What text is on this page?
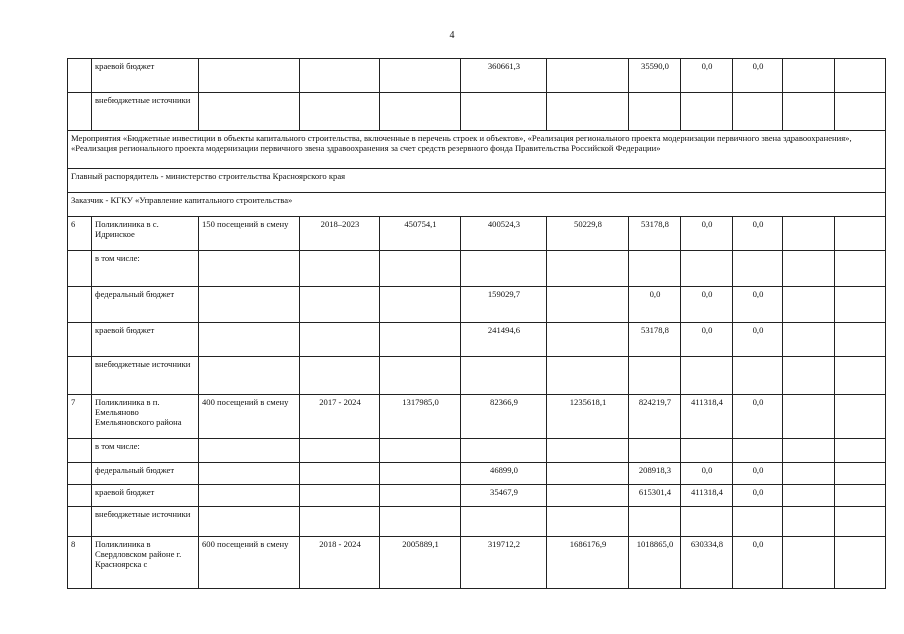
4
	краевой бюджет				360661,3		35590,0	0,0	0,0		
	внебюджетные источники										
Мероприятия «Бюджетные инвестиции в объекты капитального строительства, включенные в перечень строек и объектов», «Реализация регионального проекта модернизации первичного звена здравоохранения», «Реализация регионального проекта модернизации первичного звена здравоохранения за счет средств резервного фонда Правительства Российской Федерации»											
Главный распорядитель - министерство строительства Красноярского края											
Заказчик - КГКУ «Управление капитального строительства»											
6	Поликлиника в с. Идринское	150 посещений в смену	2018–2023	450754,1	400524,3	50229,8	53178,8	0,0	0,0		
	в том числе:										
	федеральный бюджет				159029,7		0,0	0,0	0,0		
	краевой бюджет				241494,6		53178,8	0,0	0,0		
	внебюджетные источники										
7	Поликлиника в п. Емельяново Емельяновского района	400 посещений в смену	2017 - 2024	1317985,0	82366,9	1235618,1	824219,7	411318,4	0,0		
	в том числе:										
	федеральный бюджет				46899,0		208918,3	0,0	0,0		
	краевой бюджет				35467,9		615301,4	411318,4	0,0		
	внебюджетные источники										
8	Поликлиника в Свердловском районе г. Красноярска с	600 посещений в смену	2018 - 2024	2005889,1	319712,2	1686176,9	1018865,0	630334,8	0,0		
